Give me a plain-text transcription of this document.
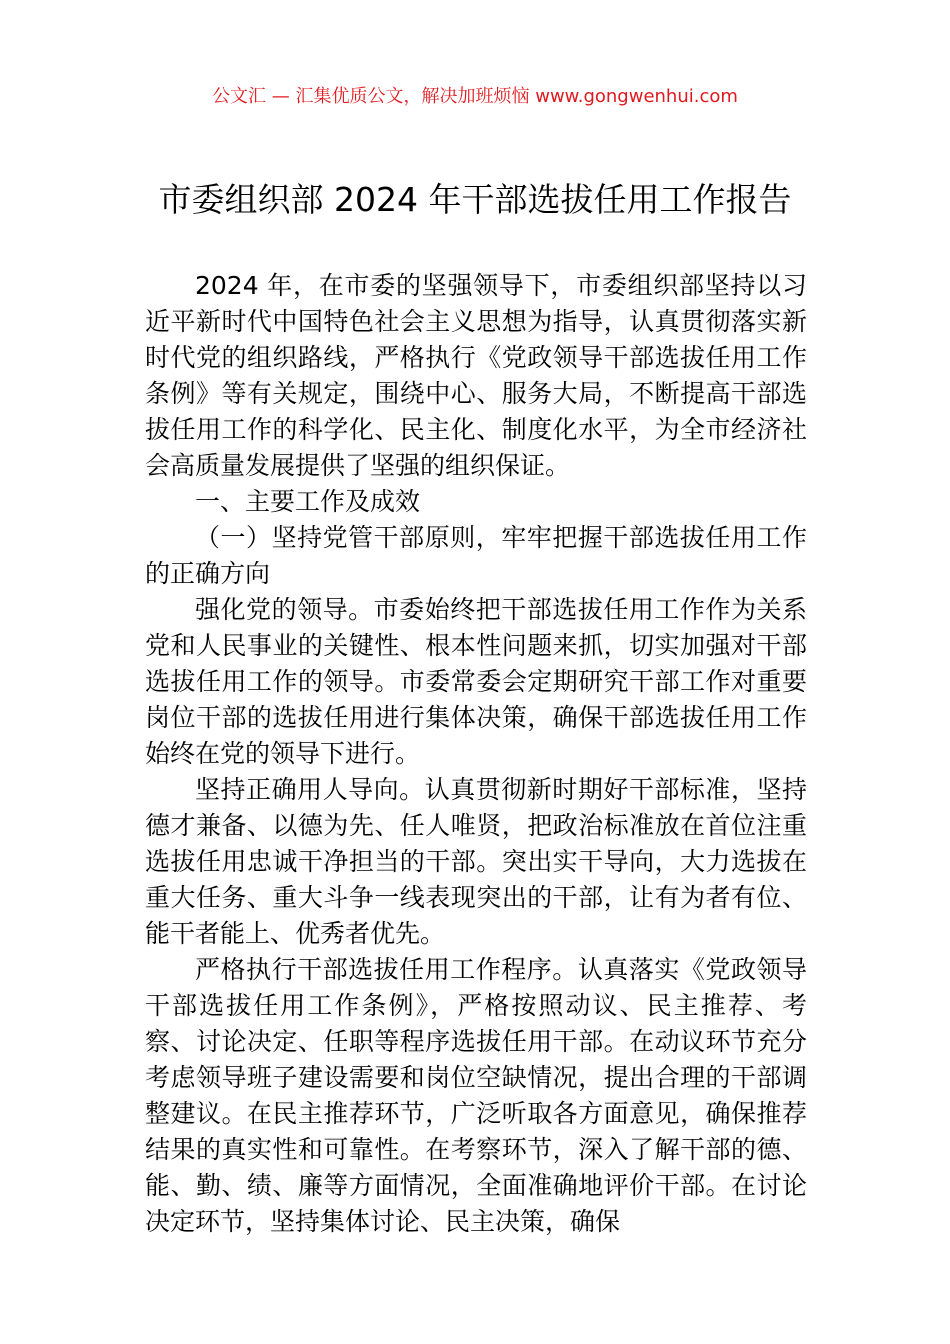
公文汇 — 汇集优质公文，解决加班烦恼 www.gongwenhui.com
市委组织部 2024 年干部选拔任用工作报告

2024 年，在市委的坚强领导下，市委组织部坚持以习近平新时代中国特色社会主义思想为指导，认真贯彻落实新时代党的组织路线，严格执行《党政领导干部选拔任用工作条例》等有关规定，围绕中心、服务大局，不断提高干部选拔任用工作的科学化、民主化、制度化水平，为全市经济社会高质量发展提供了坚强的组织保证。

一、主要工作及成效

（一）坚持党管干部原则，牢牢把握干部选拔任用工作的正确方向

强化党的领导。市委始终把干部选拔任用工作作为关系党和人民事业的关键性、根本性问题来抓，切实加强对干部选拔任用工作的领导。市委常委会定期研究干部工作对重要岗位干部的选拔任用进行集体决策，确保干部选拔任用工作始终在党的领导下进行。

坚持正确用人导向。认真贯彻新时期好干部标准，坚持德才兼备、以德为先、任人唯贤，把政治标准放在首位注重选拔任用忠诚干净担当的干部。突出实干导向，大力选拔在重大任务、重大斗争一线表现突出的干部，让有为者有位、能干者能上、优秀者优先。

严格执行干部选拔任用工作程序。认真落实《党政领导干部选拔任用工作条例》，严格按照动议、民主推荐、考察、讨论决定、任职等程序选拔任用干部。在动议环节充分考虑领导班子建设需要和岗位空缺情况，提出合理的干部调整建议。在民主推荐环节，广泛听取各方面意见，确保推荐结果的真实性和可靠性。在考察环节，深入了解干部的德、能、勤、绩、廉等方面情况，全面准确地评价干部。在讨论决定环节，坚持集体讨论、民主决策，确保
